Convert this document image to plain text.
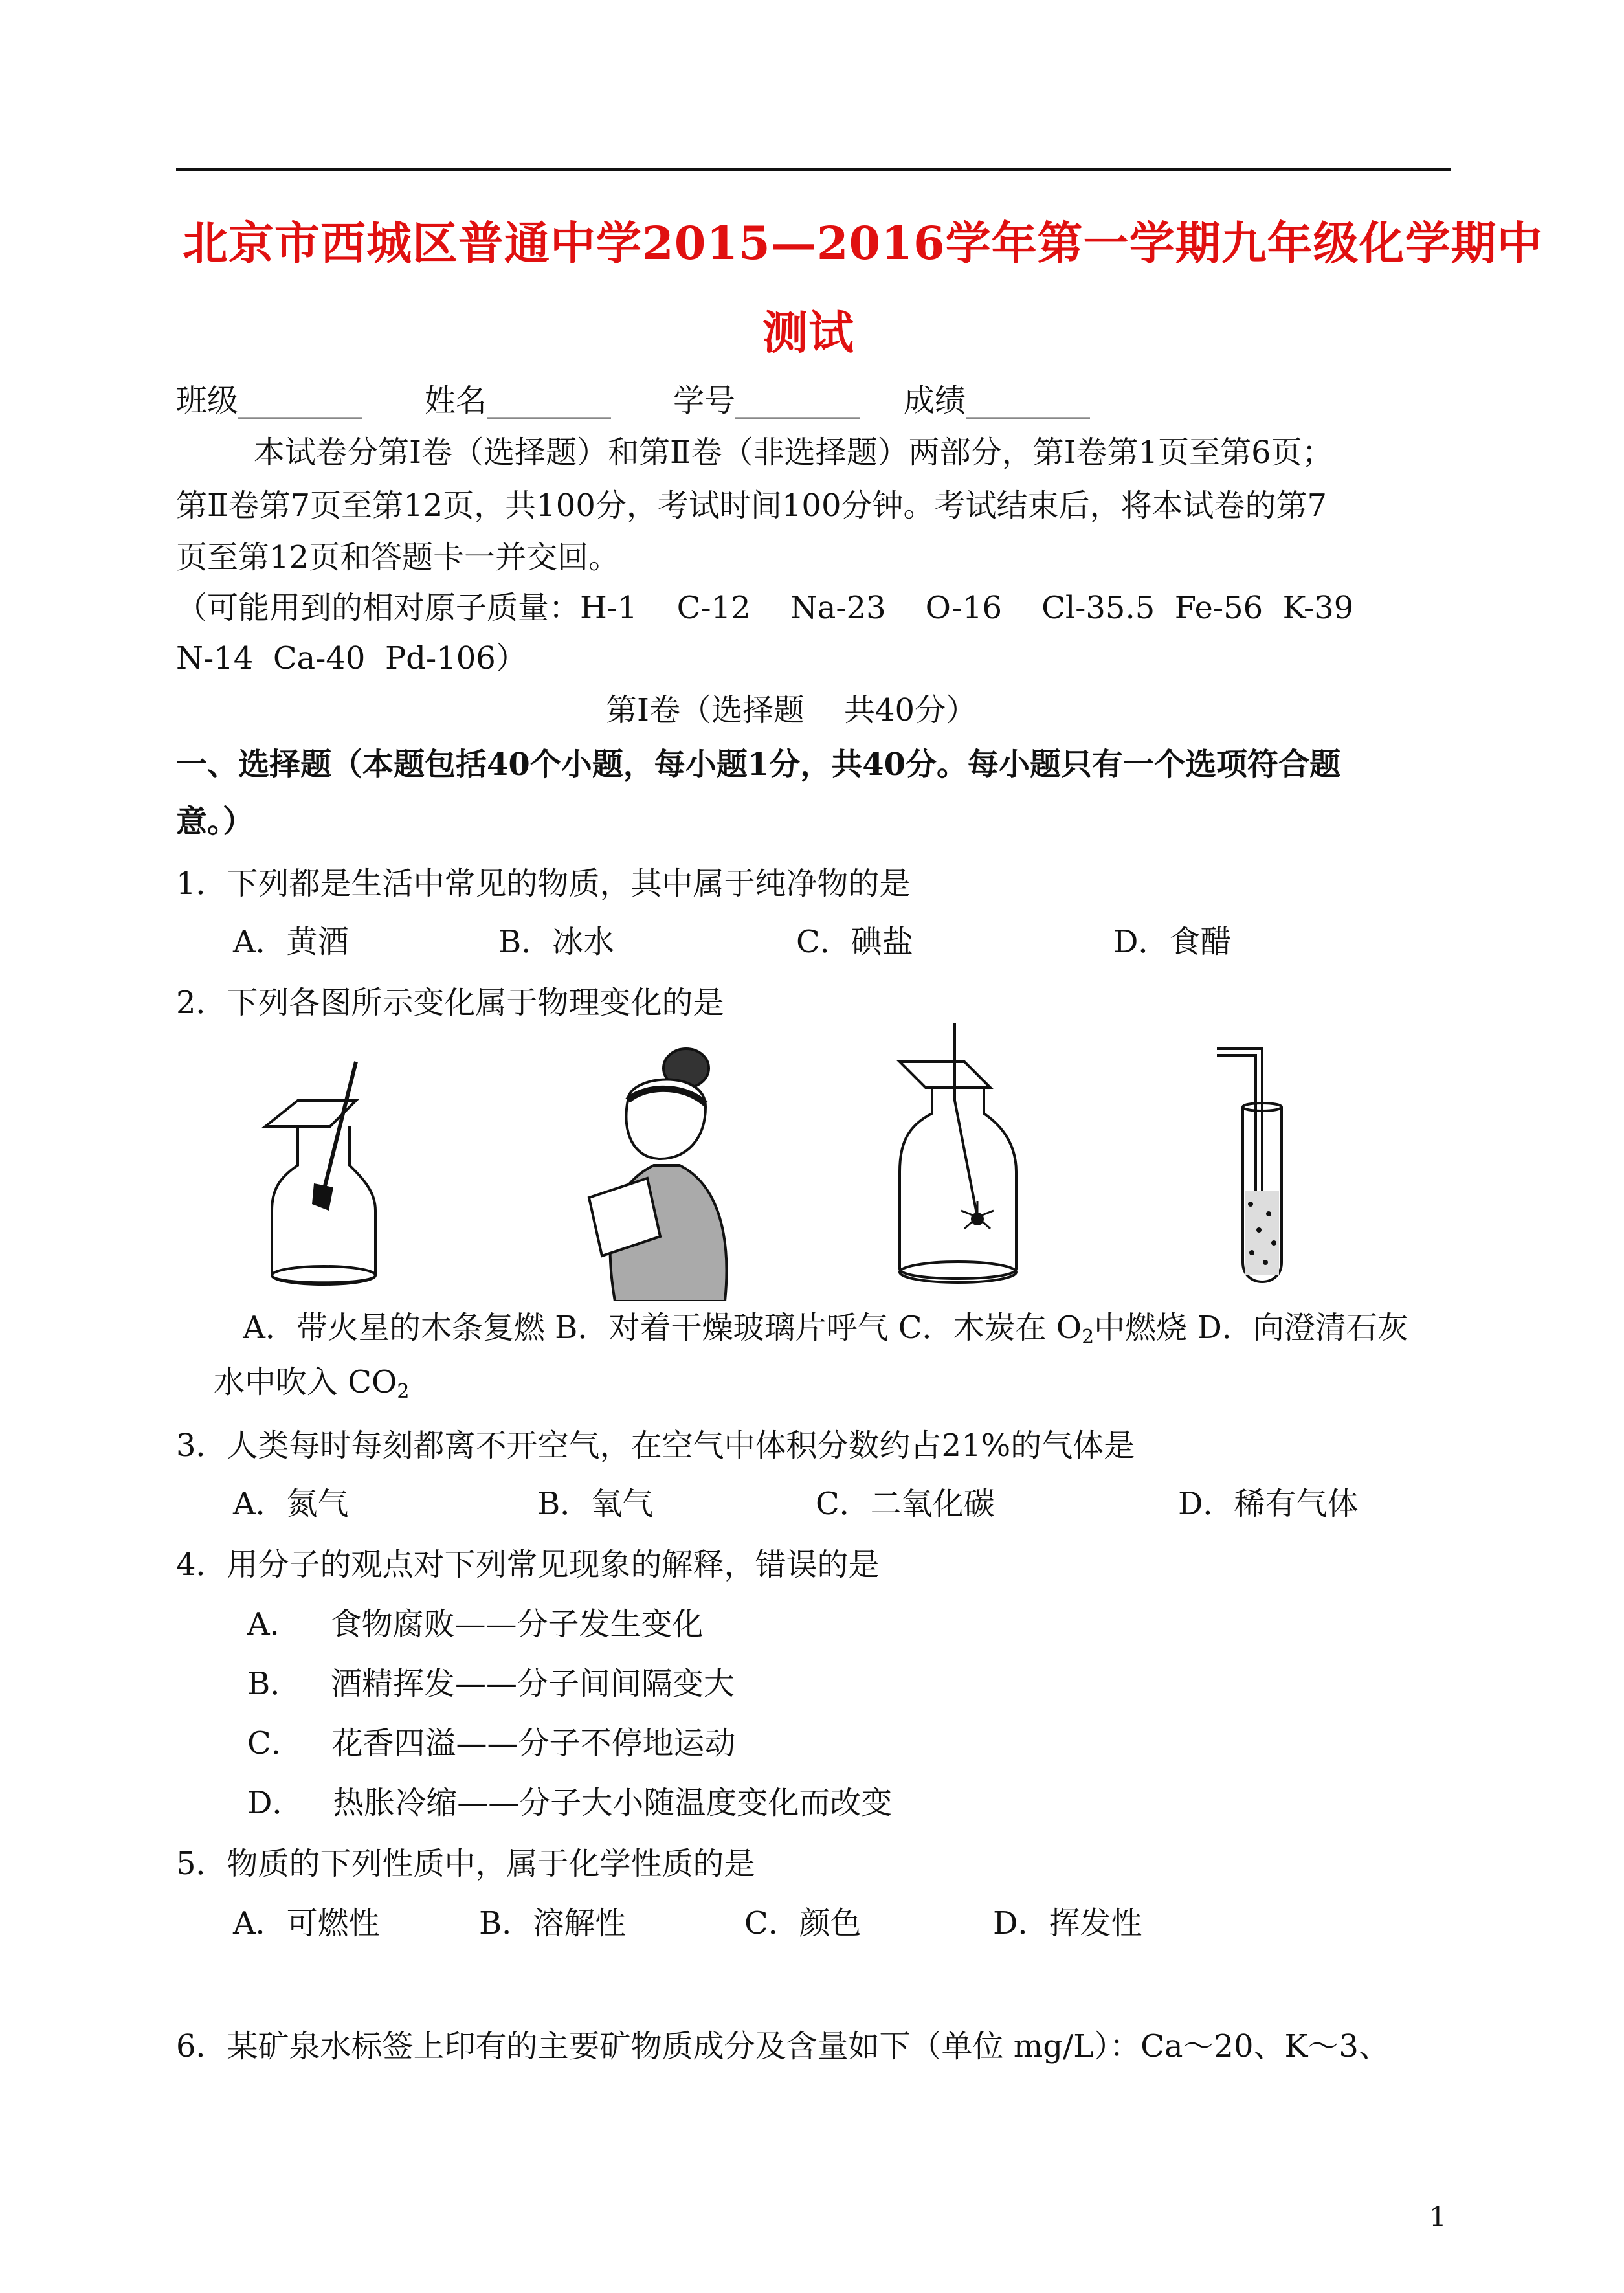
北京市西城区普通中学2015—2016学年第一学期九年级化学期中
测试
班级________ 姓名________ 学号________ 成绩________
本试卷分第Ⅰ卷（选择题）和第Ⅱ卷（非选择题）两部分，第Ⅰ卷第1页至第6页；
第Ⅱ卷第7页至第12页，共100分，考试时间100分钟。考试结束后，将本试卷的第7
页至第12页和答题卡一并交回。
（可能用到的相对原子质量：H-1    C-12    Na-23    O-16    Cl-35.5  Fe-56  K-39
N-14  Ca-40  Pd-106）
第Ⅰ卷（选择题    共40分）
一、选择题（本题包括40个小题，每小题1分，共40分。每小题只有一个选项符合题
意。）
1．下列都是生活中常见的物质，其中属于纯净物的是
A．黄酒	B．冰水	C．碘盐	D．食醋
2．下列各图所示变化属于物理变化的是
A．带火星的木条复燃 B．对着干燥玻璃片呼气 C．木炭在 $O_2$中燃烧 D．向澄清石灰
水中吹入 $CO_2$
3．人类每时每刻都离不开空气，在空气中体积分数约占21%的气体是
A．氮气	B．氧气	C．二氧化碳	D．稀有气体
4．用分子的观点对下列常见现象的解释，错误的是
A．   食物腐败——分子发生变化
B．   酒精挥发——分子间间隔变大
C．   花香四溢——分子不停地运动
D．   热胀冷缩——分子大小随温度变化而改变
5．物质的下列性质中，属于化学性质的是
A．可燃性	B．溶解性	C．颜色	D．挥发性
6．某矿泉水标签上印有的主要矿物质成分及含量如下（单位 mg/L）：Ca～20、K～3、
1
